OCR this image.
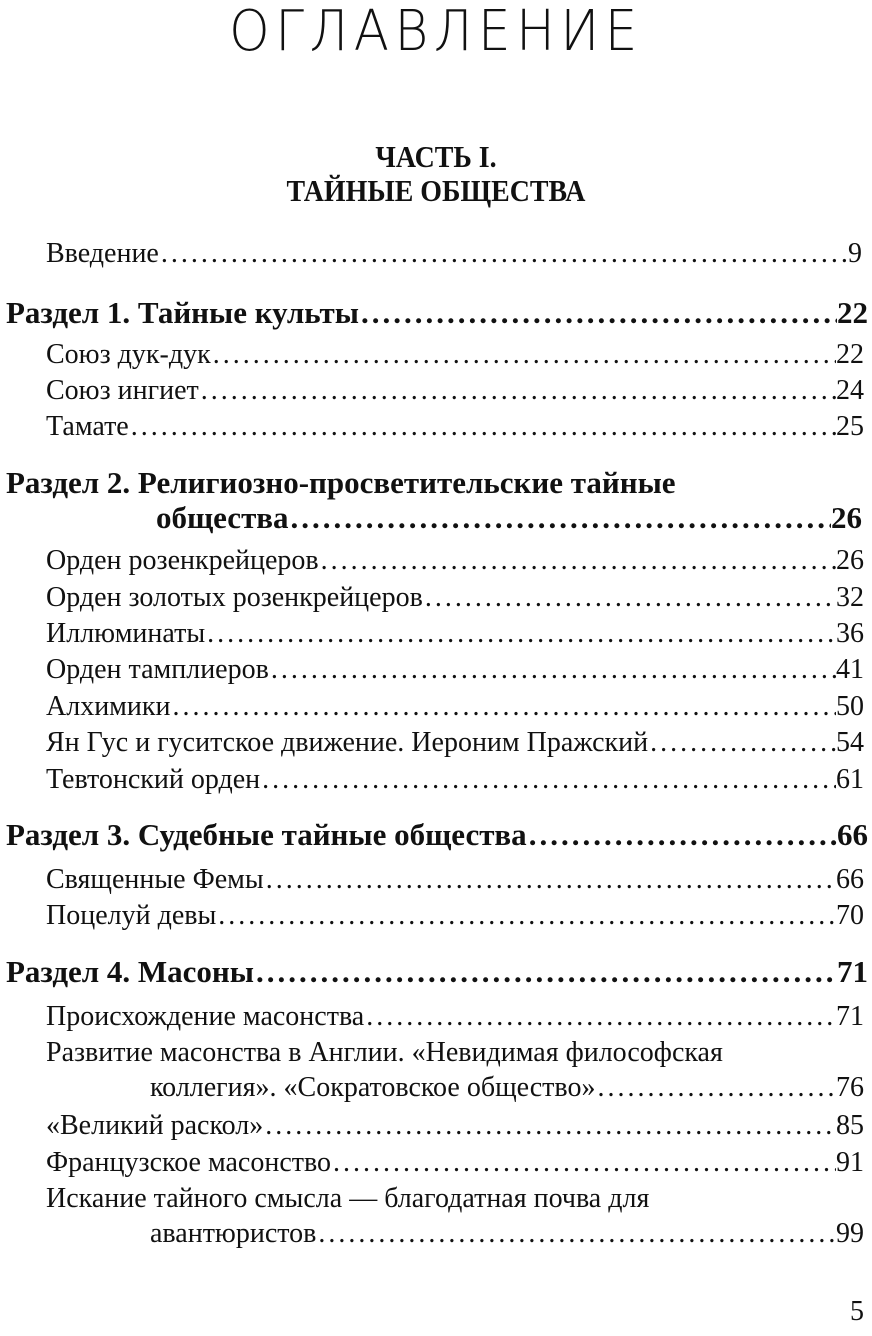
ОГЛАВЛЕНИЕ
ЧАСТЬ I.
ТАЙНЫЕ ОБЩЕСТВА
Введение .....	9
Раздел 1. Тайные культы .....	22
Союз дук-дук .....	22
Союз ингиет .....	24
Тамате .....	25
Раздел 2. Религиозно-просветительские тайные
общества .....	26
Орден розенкрейцеров .....	26
Орден золотых розенкрейцеров .....	32
Иллюминаты .....	36
Орден тамплиеров .....	41
Алхимики .....	50
Ян Гус и гуситское движение. Иероним Пражский .....	54
Тевтонский орден .....	61
Раздел 3. Судебные тайные общества .....	66
Священные Фемы .....	66
Поцелуй девы .....	70
Раздел 4. Масоны .....	71
Происхождение масонства .....	71
Развитие масонства в Англии. «Невидимая философская
коллегия». «Сократовское общество» .....	76
«Великий раскол» .....	85
Французское масонство .....	91
Искание тайного смысла — благодатная почва для
авантюристов .....	99
5
